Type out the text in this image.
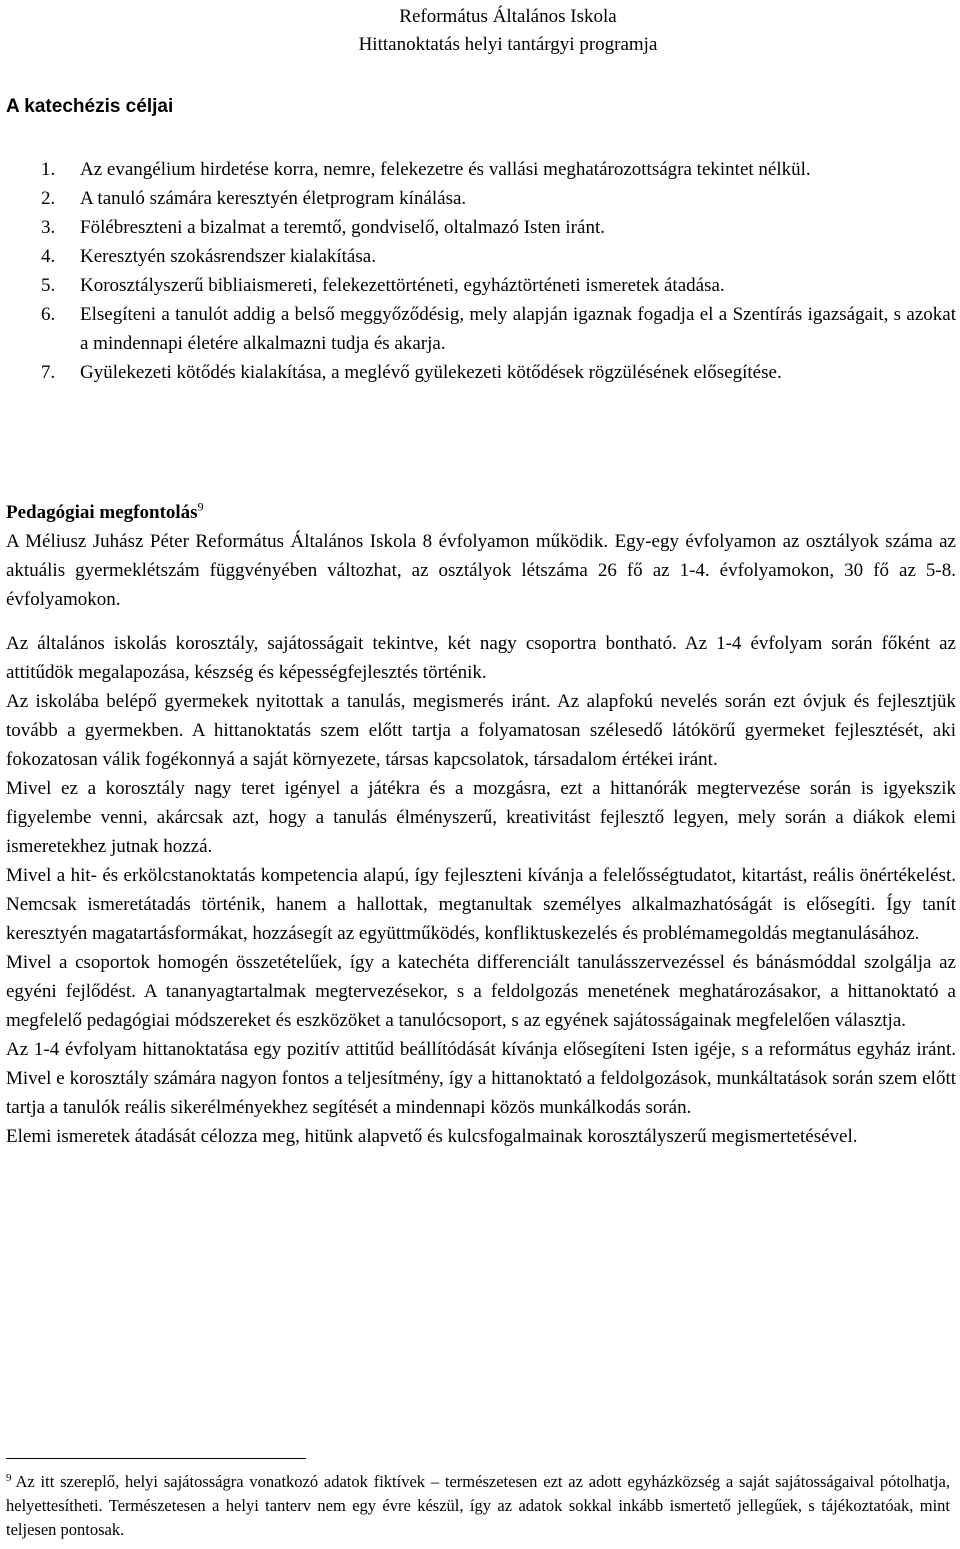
Református Általános Iskola
Hittanoktatás helyi tantárgyi programja
A katechézis céljai
1. Az evangélium hirdetése korra, nemre, felekezetre és vallási meghatározottságra tekintet nélkül.
2. A tanuló számára keresztyén életprogram kínálása.
3. Fölébreszteni a bizalmat a teremtő, gondviselő, oltalmazó Isten iránt.
4. Keresztyén szokásrendszer kialakítása.
5. Korosztályszerű bibliaismereti, felekezettörténeti, egyháztörténeti ismeretek átadása.
6. Elsegíteni a tanulót addig a belső meggyőződésig, mely alapján igaznak fogadja el a Szentírás igazságait, s azokat a mindennapi életére alkalmazni tudja és akarja.
7. Gyülekezeti kötődés kialakítása, a meglévő gyülekezeti kötődések rögzülésének elősegítése.
Pedagógiai megfontolás$^9$

A Méliusz Juhász Péter Református Általános Iskola 8 évfolyamon működik. Egy-egy évfolyamon az osztályok száma az aktuális gyermeklétszám függvényében változhat, az osztályok létszáma 26 fő az 1-4. évfolyamokon, 30 fő az 5-8. évfolyamokon.

Az általános iskolás korosztály, sajátosságait tekintve, két nagy csoportra bontható. Az 1-4 évfolyam során főként az attitűdök megalapozása, készség és képességfejlesztés történik.

Az iskolába belépő gyermekek nyitottak a tanulás, megismerés iránt. Az alapfokú nevelés során ezt óvjuk és fejlesztjük tovább a gyermekben. A hittanoktatás szem előtt tartja a folyamatosan szélesedő látókörű gyermeket fejlesztését, aki fokozatosan válik fogékonnyá a saját környezete, társas kapcsolatok, társadalom értékei iránt.

Mivel ez a korosztály nagy teret igényel a játékra és a mozgásra, ezt a hittanórák megtervezése során is igyekszik figyelembe venni, akárcsak azt, hogy a tanulás élményszerű, kreativitást fejlesztő legyen, mely során a diákok elemi ismeretekhez jutnak hozzá.

Mivel a hit- és erkölcstanoktatás kompetencia alapú, így fejleszteni kívánja a felelősségtudatot, kitartást, reális önértékelést. Nemcsak ismeretátadás történik, hanem a hallottak, megtanultak személyes alkalmazhatóságát is elősegíti. Így tanít keresztyén magatartásformákat, hozzásegít az együttműködés, konfliktuskezelés és problémamegoldás megtanulásához.

Mivel a csoportok homogén összetételűek, így a katechéta differenciált tanulásszervezéssel és bánásmóddal szolgálja az egyéni fejlődést. A tananyagtartalmak megtervezésekor, s a feldolgozás menetének meghatározásakor, a hittanoktató a megfelelő pedagógiai módszereket és eszközöket a tanulócsoport, s az egyének sajátosságainak megfelelően választja.

Az 1-4 évfolyam hittanoktatása egy pozitív attitűd beállítódását kívánja elősegíteni Isten igéje, s a református egyház iránt. Mivel e korosztály számára nagyon fontos a teljesítmény, így a hittanoktató a feldolgozások, munkáltatások során szem előtt tartja a tanulók reális sikerélményekhez segítését a mindennapi közös munkálkodás során.

Elemi ismeretek átadását célozza meg, hitünk alapvető és kulcsfogalmainak korosztályszerű megismertetésével.

$^9$ Az itt szereplő, helyi sajátosságra vonatkozó adatok fiktívek – természetesen ezt az adott egyházközség a saját sajátosságaival pótolhatja, helyettesítheti. Természetesen a helyi tanterv nem egy évre készül, így az adatok sokkal inkább ismertető jellegűek, s tájékoztatóak, mint teljesen pontosak.
